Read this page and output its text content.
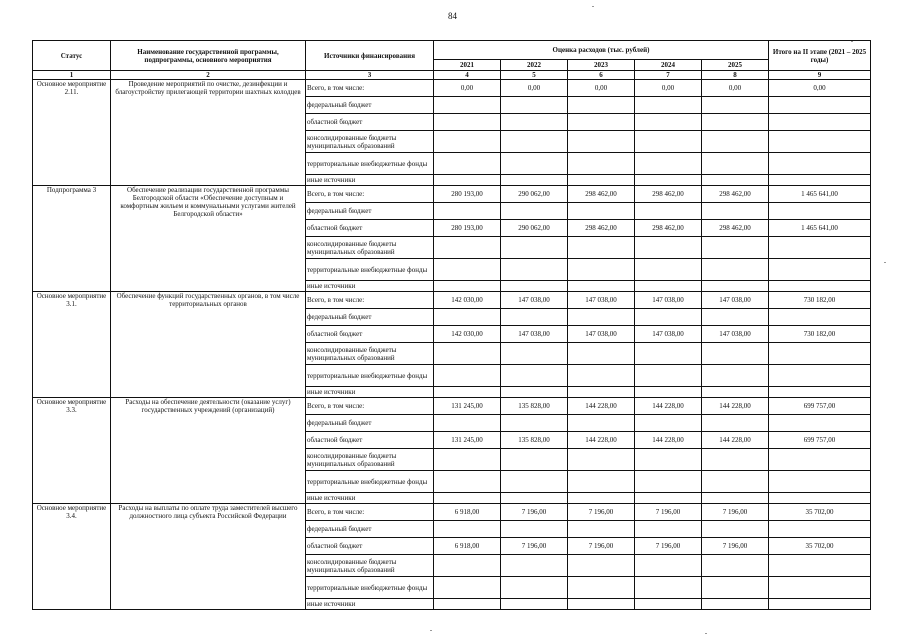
84
Статус	Наименование государственной программы, подпрограммы, основного мероприятия	Источники финансирования	Оценка расходов (тыс. рублей)					Итого на II этапе (2021 – 2025 годы)
			2021	2022	2023	2024	2025	
1	2	3	4	5	6	7	8	9
Основное мероприятие 2.11.	Проведение мероприятий по очистке, дезинфекции и благоустройству прилегающей территории шахтных колодцев	Всего, в том числе:	0,00	0,00	0,00	0,00	0,00	0,00
		федеральный бюджет						
		областной бюджет						
		консолидированные бюджеты муниципальных образований						
		территориальные внебюджетные фонды						
		иные источники						
Подпрограмма 3	Обеспечение реализации государственной программы Белгородской области «Обеспечение доступным и комфортным жильем и коммунальными услугами жителей Белгородской области»	Всего, в том числе:	280 193,00	290 062,00	298 462,00	298 462,00	298 462,00	1 465 641,00
		федеральный бюджет						
		областной бюджет	280 193,00	290 062,00	298 462,00	298 462,00	298 462,00	1 465 641,00
		консолидированные бюджеты муниципальных образований						
		территориальные внебюджетные фонды						
		иные источники						
Основное мероприятие 3.1.	Обеспечение функций государственных органов, в том числе территориальных органов	Всего, в том числе:	142 030,00	147 038,00	147 038,00	147 038,00	147 038,00	730 182,00
		федеральный бюджет						
		областной бюджет	142 030,00	147 038,00	147 038,00	147 038,00	147 038,00	730 182,00
		консолидированные бюджеты муниципальных образований						
		территориальные внебюджетные фонды						
		иные источники						
Основное мероприятие 3.3.	Расходы на обеспечение деятельности (оказание услуг) государственных учреждений (организаций)	Всего, в том числе:	131 245,00	135 828,00	144 228,00	144 228,00	144 228,00	699 757,00
		федеральный бюджет						
		областной бюджет	131 245,00	135 828,00	144 228,00	144 228,00	144 228,00	699 757,00
		консолидированные бюджеты муниципальных образований						
		территориальные внебюджетные фонды						
		иные источники						
Основное мероприятие 3.4.	Расходы на выплаты по оплате труда заместителей высшего должностного лица субъекта Российской Федерации	Всего, в том числе:	6 918,00	7 196,00	7 196,00	7 196,00	7 196,00	35 702,00
		федеральный бюджет						
		областной бюджет	6 918,00	7 196,00	7 196,00	7 196,00	7 196,00	35 702,00
		консолидированные бюджеты муниципальных образований						
		территориальные внебюджетные фонды						
		иные источники						
